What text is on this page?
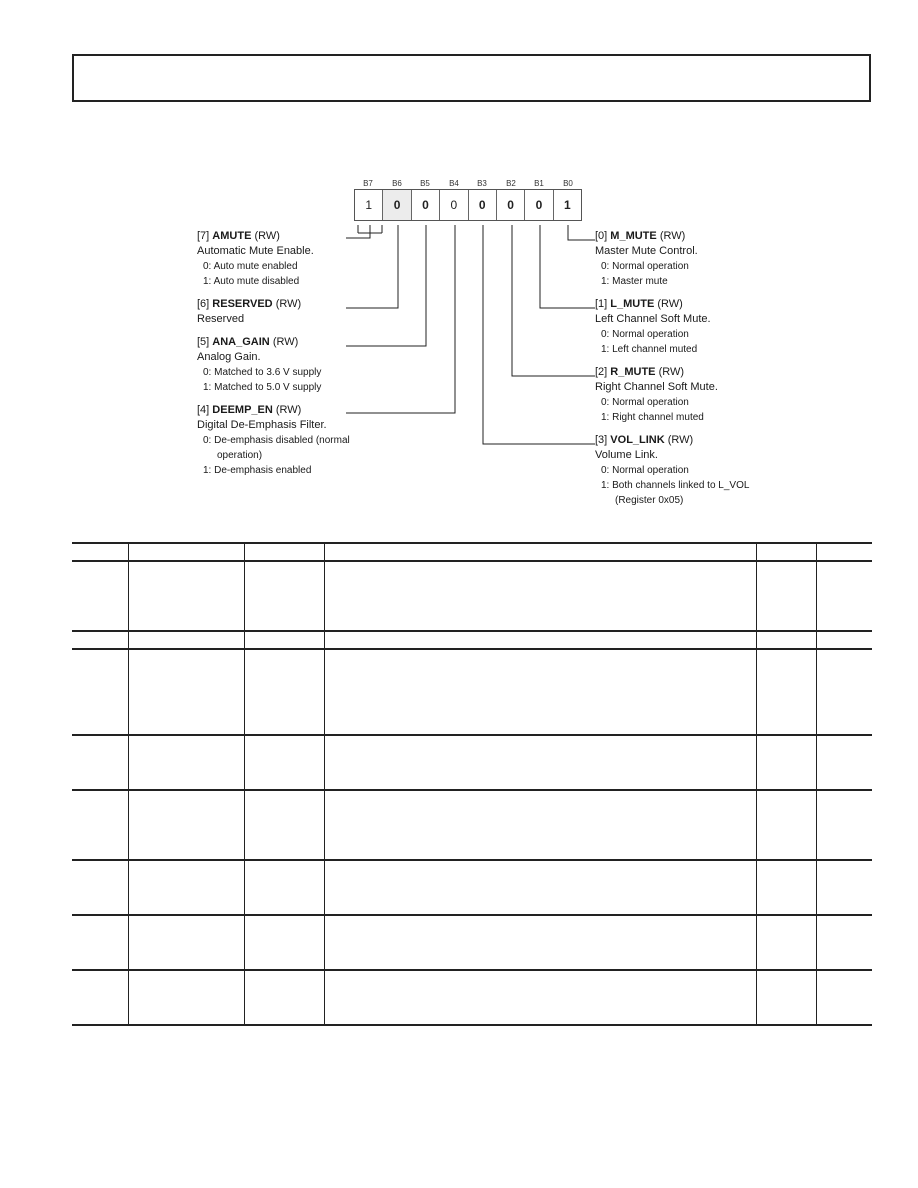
B7	B6	B5	B4	B3	B2	B1	B0
1	0	0	0	0	0	0	1
[7] AMUTE (RW)
Automatic Mute Enable.
0: Auto mute enabled
1: Auto mute disabled
[6] RESERVED (RW)
Reserved
[5] ANA_GAIN (RW)
Analog Gain.
0: Matched to 3.6 V supply
1: Matched to 5.0 V supply
[4] DEEMP_EN (RW)
Digital De-Emphasis Filter.
0: De-emphasis disabled (normal operation)
1: De-emphasis enabled
[0] M_MUTE (RW)
Master Mute Control.
0: Normal operation
1: Master mute
[1] L_MUTE (RW)
Left Channel Soft Mute.
0: Normal operation
1: Left channel muted
[2] R_MUTE (RW)
Right Channel Soft Mute.
0: Normal operation
1: Right channel muted
[3] VOL_LINK (RW)
Volume Link.
0: Normal operation
1: Both channels linked to L_VOL (Register 0x05)
